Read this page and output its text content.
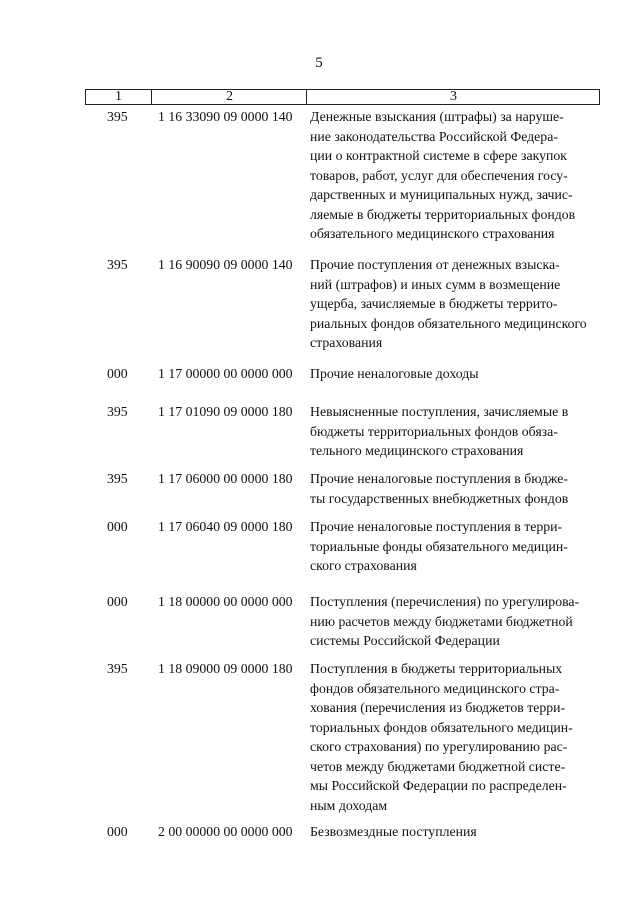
5
1	2	3
395 1 16 33090 09 0000 140 Денежные взыскания (штрафы) за наруше-
ние законодательства Российской Федера-
ции о контрактной системе в сфере закупок
товаров, работ, услуг для обеспечения госу-
дарственных и муниципальных нужд, зачис-
ляемые в бюджеты территориальных фондов
обязательного медицинского страхования
395 1 16 90090 09 0000 140 Прочие поступления от денежных взыска-
ний (штрафов) и иных сумм в возмещение
ущерба, зачисляемые в бюджеты террито-
риальных фондов обязательного медицинского
страхования
000 1 17 00000 00 0000 000 Прочие неналоговые доходы
395 1 17 01090 09 0000 180 Невыясненные поступления, зачисляемые в
бюджеты территориальных фондов обяза-
тельного медицинского страхования
395 1 17 06000 00 0000 180 Прочие неналоговые поступления в бюдже-
ты государственных внебюджетных фондов
000 1 17 06040 09 0000 180 Прочие неналоговые поступления в терри-
ториальные фонды обязательного медицин-
ского страхования
000 1 18 00000 00 0000 000 Поступления (перечисления) по урегулирова-
нию расчетов между бюджетами бюджетной
системы Российской Федерации
395 1 18 09000 09 0000 180 Поступления в бюджеты территориальных
фондов обязательного медицинского стра-
хования (перечисления из бюджетов терри-
ториальных фондов обязательного медицин-
ского страхования) по урегулированию рас-
четов между бюджетами бюджетной систе-
мы Российской Федерации по распределен-
ным доходам
000 2 00 00000 00 0000 000 Безвозмездные поступления
